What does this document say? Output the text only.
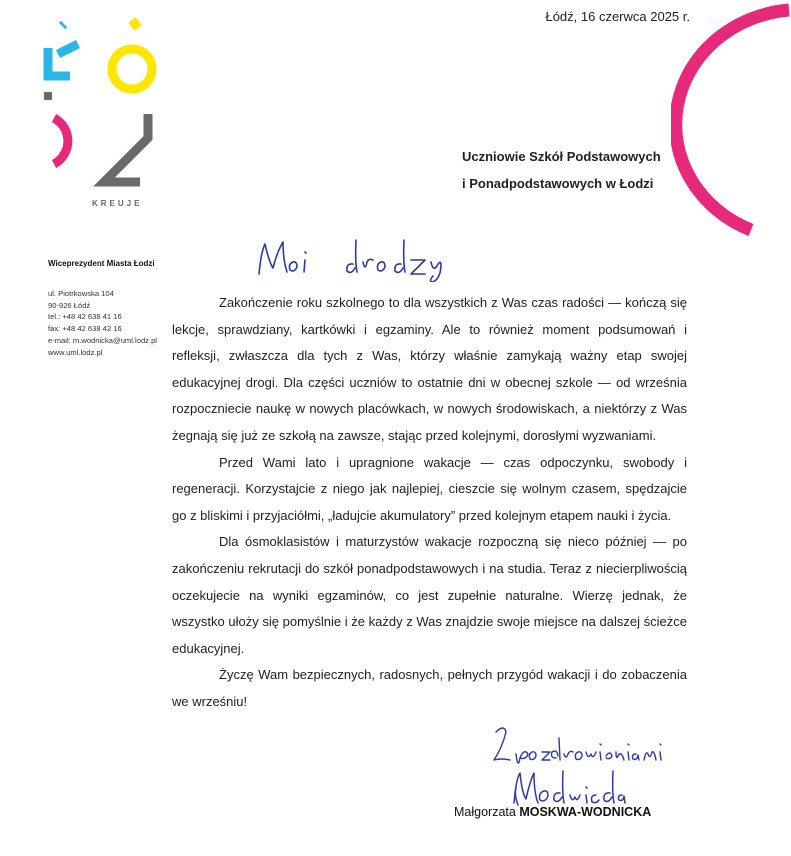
KREUJE
Łódź, 16 czerwca 2025 r.
Uczniowie Szkół Podstawowych
i Ponadpodstawowych w Łodzi
Wiceprezydent Miasta Łodzi
ul. Piotrkowska 104
90-926 Łódź
tel.: +48 42 638 41 16
fax: +48 42 638 42 16
e-mail: m.wodnicka@uml.lodz.pl
www.uml.lodz.pl

Zakończenie roku szkolnego to dla wszystkich z Was czas radości — kończą się lekcje, sprawdziany, kartkówki i egzaminy. Ale to również moment podsumowań i refleksji, zwłaszcza dla tych z Was, którzy właśnie zamykają ważny etap swojej edukacyjnej drogi. Dla części uczniów to ostatnie dni w obecnej szkole — od września rozpoczniecie naukę w nowych placówkach, w nowych środowiskach, a niektórzy z Was żegnają się już ze szkołą na zawsze, stając przed kolejnymi, dorosłymi wyzwaniami.

Przed Wami lato i upragnione wakacje — czas odpoczynku, swobody i regeneracji. Korzystajcie z niego jak najlepiej, cieszcie się wolnym czasem, spędzajcie go z bliskimi i przyjaciółmi, „ładujcie akumulatory” przed kolejnym etapem nauki i życia.

Dla ósmoklasistów i maturzystów wakacje rozpoczną się nieco później — po zakończeniu rekrutacji do szkół ponadpodstawowych i na studia. Teraz z niecierpliwością oczekujecie na wyniki egzaminów, co jest zupełnie naturalne. Wierzę jednak, że wszystko ułoży się pomyślnie i że każdy z Was znajdzie swoje miejsce na dalszej ścieżce edukacyjnej.

Życzę Wam bezpiecznych, radosnych, pełnych przygód wakacji i do zobaczenia we wrześniu!

Małgorzata MOSKWA-WODNICKA
